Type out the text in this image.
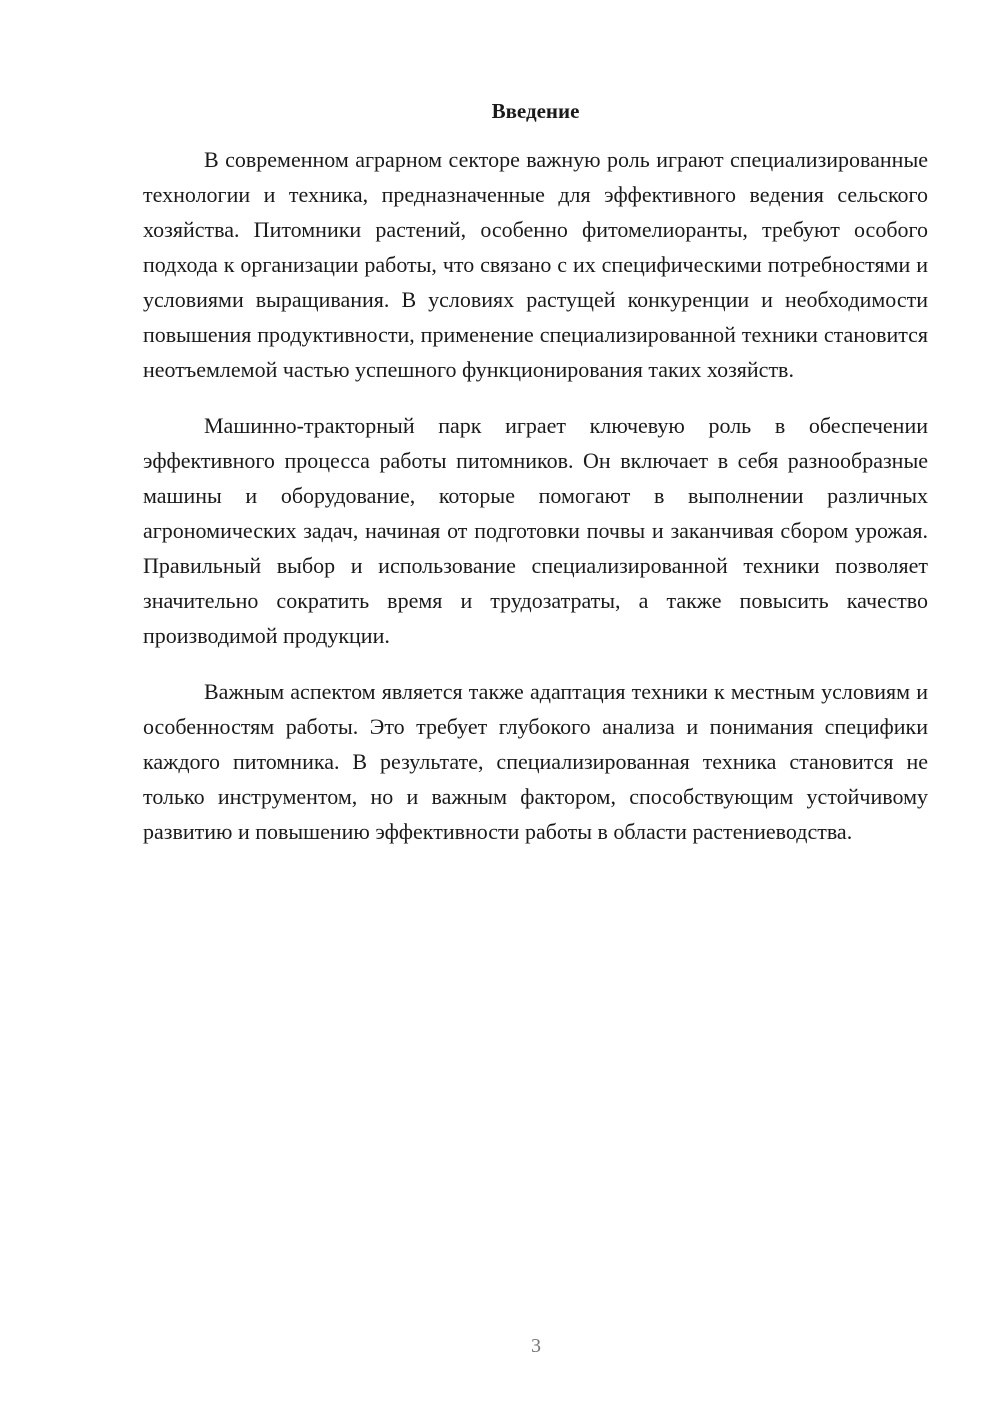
Введение

В современном аграрном секторе важную роль играют специализированные технологии и техника, предназначенные для эффективного ведения сельского хозяйства. Питомники растений, особенно фитомелиоранты, требуют особого подхода к организации работы, что связано с их специфическими потребностями и условиями выращивания. В условиях растущей конкуренции и необходимости повышения продуктивности, применение специализированной техники становится неотъемлемой частью успешного функционирования таких хозяйств.

Машинно-тракторный парк играет ключевую роль в обеспечении эффективного процесса работы питомников. Он включает в себя разнообразные машины и оборудование, которые помогают в выполнении различных агрономических задач, начиная от подготовки почвы и заканчивая сбором урожая. Правильный выбор и использование специализированной техники позволяет значительно сократить время и трудозатраты, а также повысить качество производимой продукции.

Важным аспектом является также адаптация техники к местным условиям и особенностям работы. Это требует глубокого анализа и понимания специфики каждого питомника. В результате, специализированная техника становится не только инструментом, но и важным фактором, способствующим устойчивому развитию и повышению эффективности работы в области растениеводства.

3
